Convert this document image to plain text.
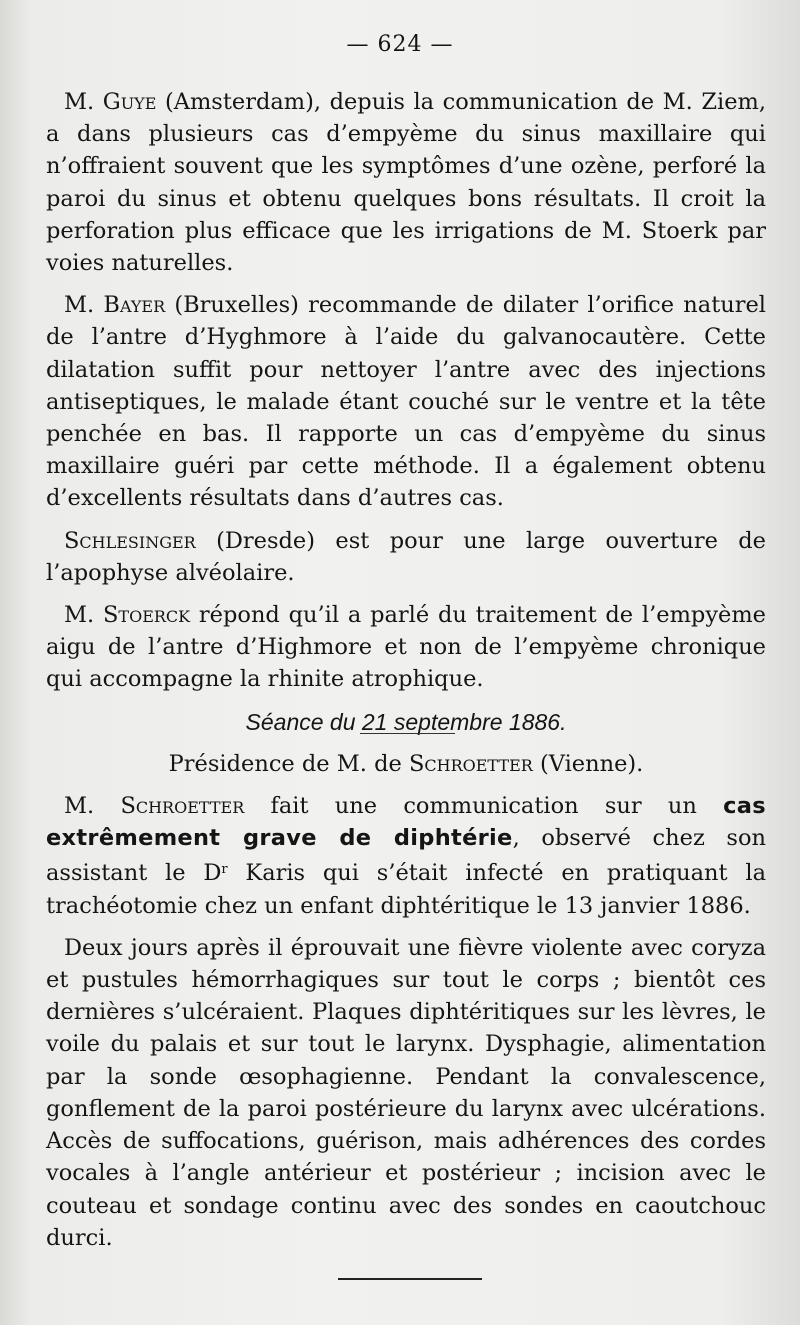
— 624 —

M. Guye (Amsterdam), depuis la communication de M. Ziem, a dans plusieurs cas d’empyème du sinus maxillaire qui n’offraient souvent que les symptômes d’une ozène, perforé la paroi du sinus et obtenu quelques bons résultats. Il croit la perforation plus efficace que les irrigations de M. Stoerk par voies naturelles.

M. Bayer (Bruxelles) recommande de dilater l’orifice naturel de l’antre d’Hyghmore à l’aide du galvanocautère. Cette dilatation suffit pour nettoyer l’antre avec des injections antiseptiques, le malade étant couché sur le ventre et la tête penchée en bas. Il rapporte un cas d’empyème du sinus maxillaire guéri par cette méthode. Il a également obtenu d’excellents résultats dans d’autres cas.

Schlesinger (Dresde) est pour une large ouverture de l’apophyse alvéolaire.

M. Stoerck répond qu’il a parlé du traitement de l’empyème aigu de l’antre d’Highmore et non de l’empyème chronique qui accompagne la rhinite atrophique.

Séance du 21 septembre 1886.

Présidence de M. de Schroetter (Vienne).

M. Schroetter fait une communication sur un cas extrêmement grave de diphtérie, observé chez son assistant le $D^r$ Karis qui s’était infecté en pratiquant la trachéotomie chez un enfant diphtéritique le 13 janvier 1886.

Deux jours après il éprouvait une fièvre violente avec coryza et pustules hémorrhagiques sur tout le corps ; bientôt ces dernières s’ulcéraient. Plaques diphtéritiques sur les lèvres, le voile du palais et sur tout le larynx. Dysphagie, alimentation par la sonde œsophagienne. Pendant la convalescence, gonflement de la paroi postérieure du larynx avec ulcérations. Accès de suffocations, guérison, mais adhérences des cordes vocales à l’angle antérieur et postérieur ; incision avec le couteau et sondage continu avec des sondes en caoutchouc durci.
